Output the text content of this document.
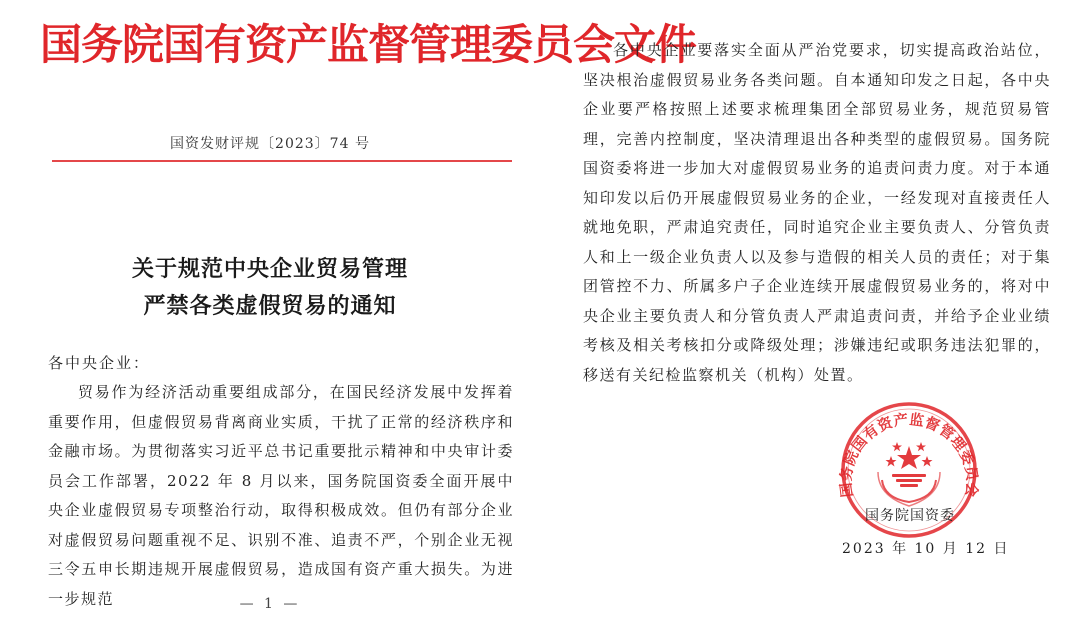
国务院国有资产监督管理委员会文件
国资发财评规〔2023〕74 号
关于规范中央企业贸易管理
严禁各类虚假贸易的通知
各中央企业：
贸易作为经济活动重要组成部分，在国民经济发展中发挥着重要作用，但虚假贸易背离商业实质，干扰了正常的经济秩序和金融市场。为贯彻落实习近平总书记重要批示精神和中央审计委员会工作部署，2022 年 8 月以来，国务院国资委全面开展中央企业虚假贸易专项整治行动，取得积极成效。但仍有部分企业对虚假贸易问题重视不足、识别不准、追责不严，个别企业无视三令五申长期违规开展虚假贸易，造成国有资产重大损失。为进一步规范	— 1 —
各中央企业要落实全面从严治党要求，切实提高政治站位，坚决根治虚假贸易业务各类问题。自本通知印发之日起，各中央企业要严格按照上述要求梳理集团全部贸易业务，规范贸易管理，完善内控制度，坚决清理退出各种类型的虚假贸易。国务院国资委将进一步加大对虚假贸易业务的追责问责力度。对于本通知印发以后仍开展虚假贸易业务的企业，一经发现对直接责任人就地免职，严肃追究责任，同时追究企业主要负责人、分管负责人和上一级企业负责人以及参与造假的相关人员的责任；对于集团管控不力、所属多户子企业连续开展虚假贸易业务的，将对中央企业主要负责人和分管负责人严肃追责问责，并给予企业业绩考核及相关考核扣分或降级处理；涉嫌违纪或职务违法犯罪的，移送有关纪检监察机关（机构）处置。
国务院国有资产监督管理委员会
国务院国资委
2023 年 10 月 12 日
